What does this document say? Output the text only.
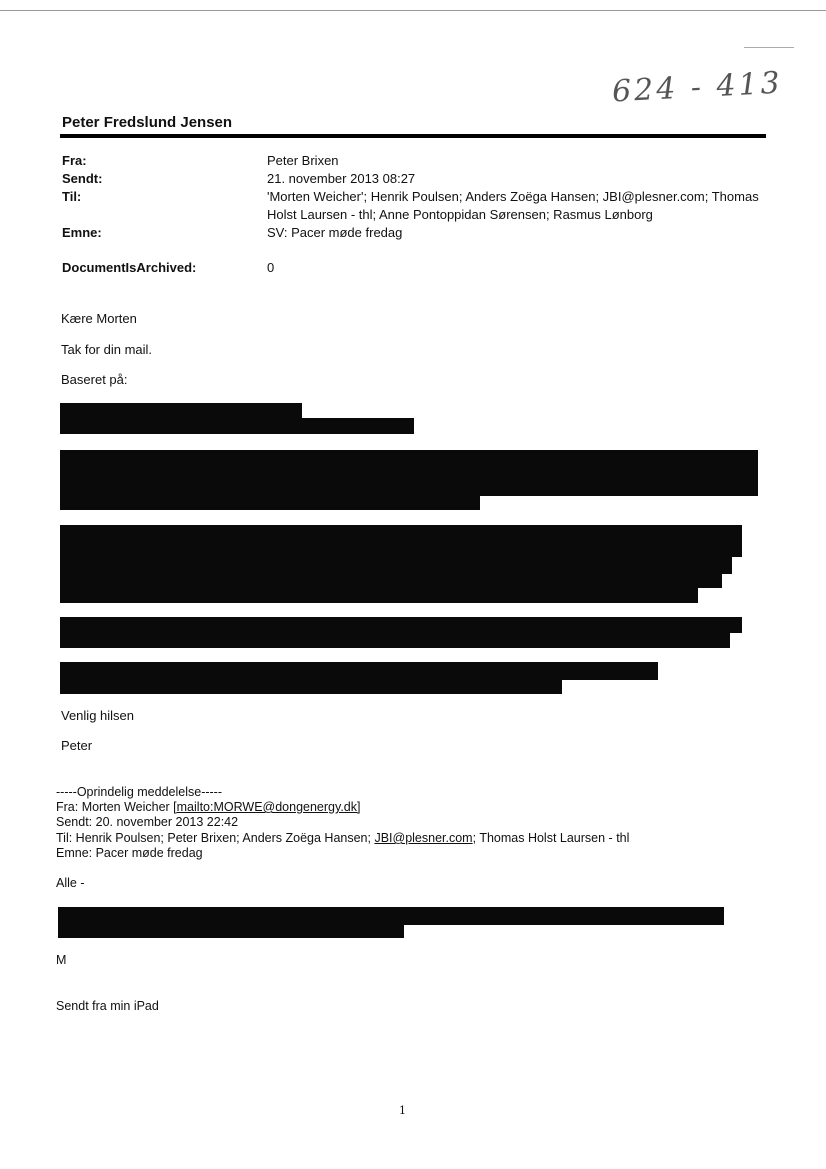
624 - 413
Peter Fredslund Jensen
Fra:	Peter Brixen
Sendt:	21. november 2013 08:27
Til:	'Morten Weicher'; Henrik Poulsen; Anders Zoëga Hansen; JBI@plesner.com; Thomas Holst Laursen - thl; Anne Pontoppidan Sørensen; Rasmus Lønborg
Emne:	SV: Pacer møde fredag
DocumentIsArchived:	0
Kære Morten
Tak for din mail.
Baseret på:
Venlig hilsen
Peter
-----Oprindelig meddelelse-----
Fra: Morten Weicher [mailto:MORWE@dongenergy.dk]
Sendt: 20. november 2013 22:42
Til: Henrik Poulsen; Peter Brixen; Anders Zoëga Hansen; JBI@plesner.com; Thomas Holst Laursen - thl
Emne: Pacer møde fredag
Alle -
M
Sendt fra min iPad
1
